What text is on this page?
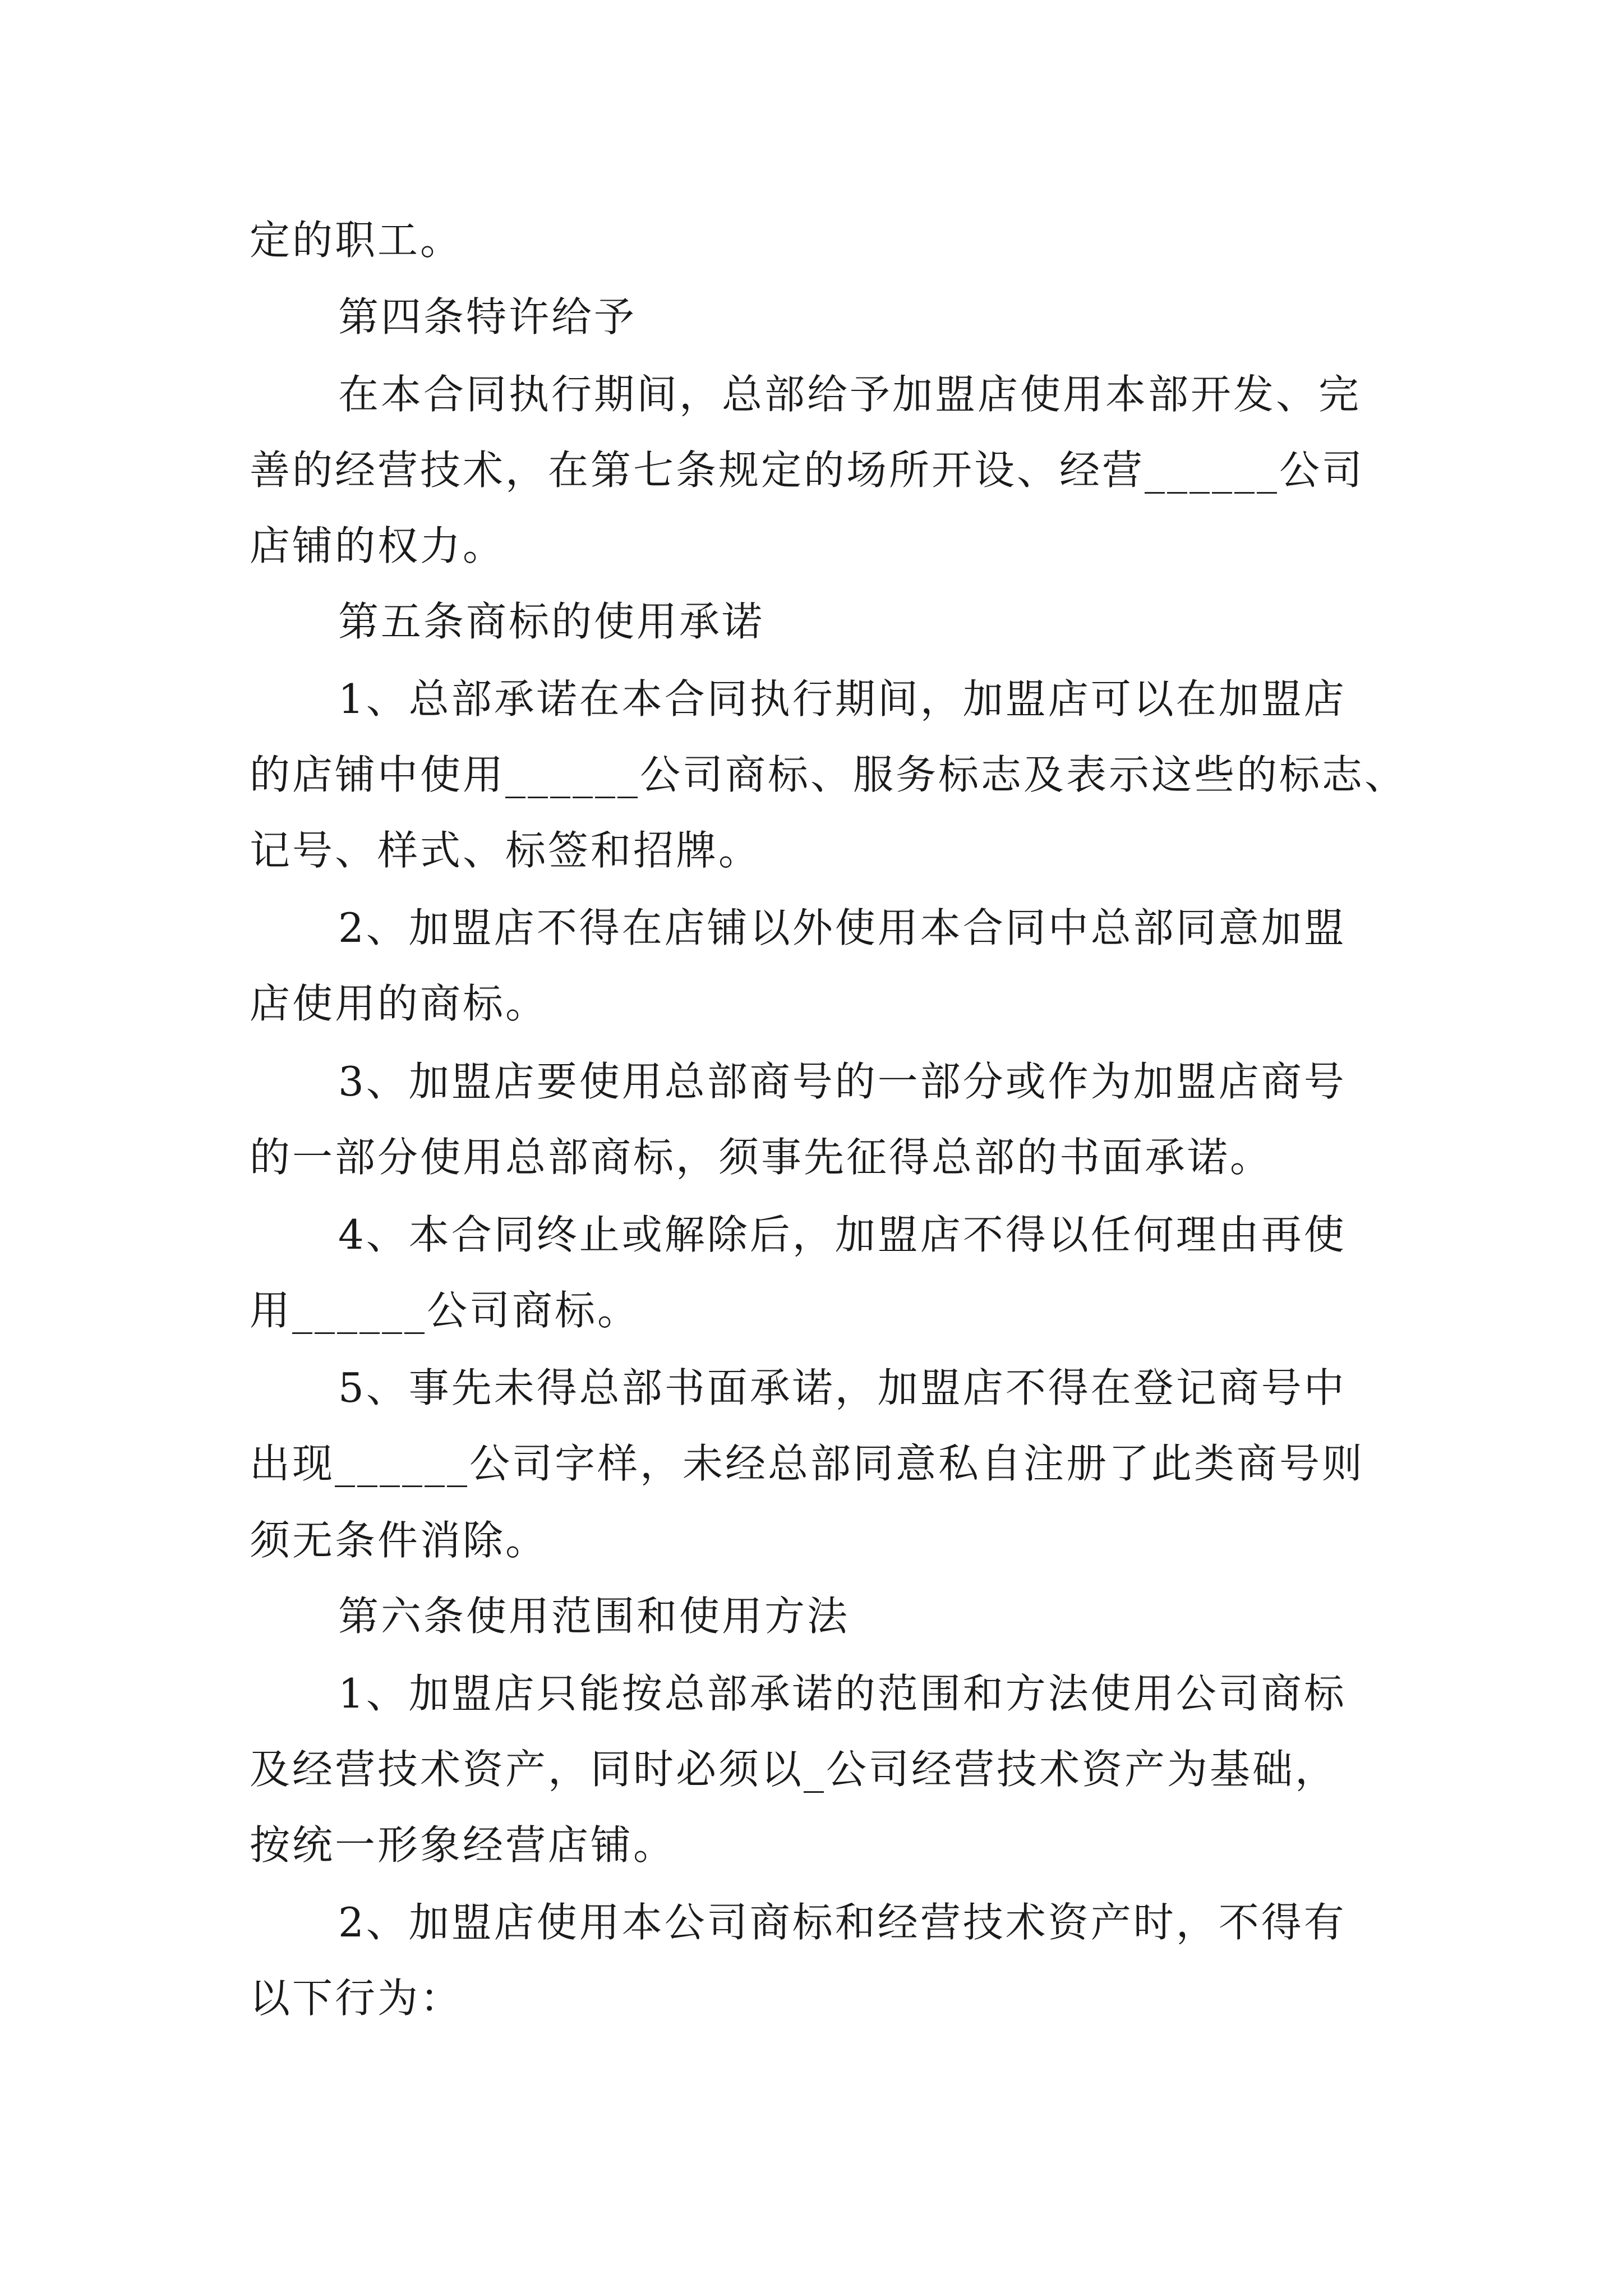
定的职工。
第四条特许给予
在本合同执行期间，总部给予加盟店使用本部开发、完
善的经营技术，在第七条规定的场所开设、经营______公司
店铺的权力。
第五条商标的使用承诺
1、总部承诺在本合同执行期间，加盟店可以在加盟店
的店铺中使用______公司商标、服务标志及表示这些的标志、
记号、样式、标签和招牌。
2、加盟店不得在店铺以外使用本合同中总部同意加盟
店使用的商标。
3、加盟店要使用总部商号的一部分或作为加盟店商号
的一部分使用总部商标，须事先征得总部的书面承诺。
4、本合同终止或解除后，加盟店不得以任何理由再使
用______公司商标。
5、事先未得总部书面承诺，加盟店不得在登记商号中
出现______公司字样，未经总部同意私自注册了此类商号则
须无条件消除。
第六条使用范围和使用方法
1、加盟店只能按总部承诺的范围和方法使用公司商标
及经营技术资产，同时必须以_公司经营技术资产为基础，
按统一形象经营店铺。
2、加盟店使用本公司商标和经营技术资产时，不得有
以下行为：
